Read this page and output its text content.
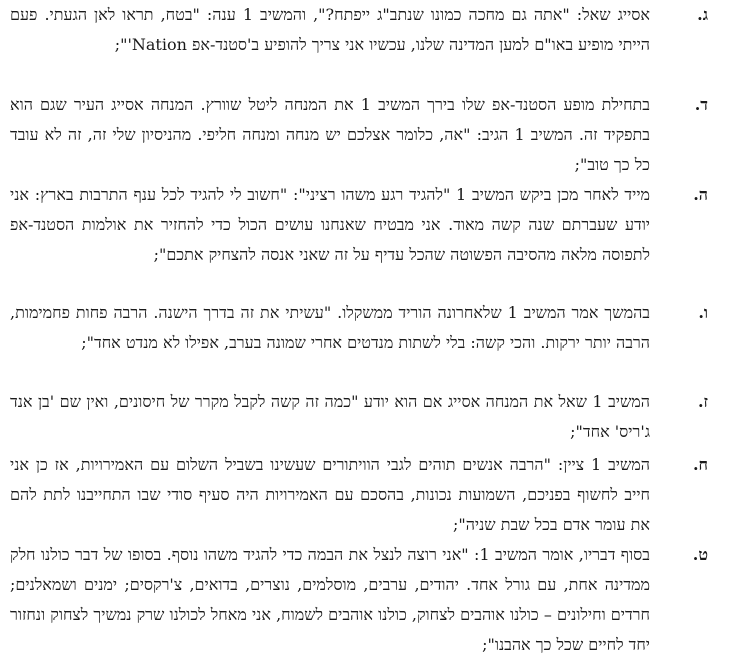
ג.

אסייג שאל: "אתה גם מחכה כמונו שנתב"ג ייפתח?", והמשיב 1 ענה: "בטח, תראו לאן הגעתי. פעם הייתי מופיע באו"ם למען המדינה שלנו, עכשיו אני צריך להופיע ב'סטנד-אפ Nation'";

ד.

בתחילת מופע הסטנד-אפ שלו בירך המשיב 1 את המנחה ליטל שוורץ. המנחה אסייג העיר שגם הוא בתפקיד זה. המשיב 1 הגיב: "אה, כלומר אצלכם יש מנחה ומנחה חליפי. מהניסיון שלי זה, זה לא עובד כל כך טוב";

ה.

מייד לאחר מכן ביקש המשיב 1 "להגיד רגע משהו רציני": "חשוב לי להגיד לכל ענף התרבות בארץ: אני יודע שעברתם שנה קשה מאוד. אני מבטיח שאנחנו עושים הכול כדי להחזיר את אולמות הסטנד-אפ לתפוסה מלאה מהסיבה הפשוטה שהכל עדיף על זה שאני אנסה להצחיק אתכם";

ו.

בהמשך אמר המשיב 1 שלאחרונה הוריד ממשקלו. "עשיתי את זה בדרך הישנה. הרבה פחות פחמימות, הרבה יותר ירקות. והכי קשה: בלי לשתות מנדטים אחרי שמונה בערב, אפילו לא מנדט אחד";

ז.

המשיב 1 שאל את המנחה אסייג אם הוא יודע "כמה זה קשה לקבל מקרר של חיסונים, ואין שם 'בן אנד ג'ריס' אחד";

ח.

המשיב 1 ציין: "הרבה אנשים תוהים לגבי הוויתורים שעשינו בשביל השלום עם האמירויות, אז כן אני חייב לחשוף בפניכם, השמועות נכונות, בהסכם עם האמירויות היה סעיף סודי שבו התחייבנו לתת להם את עומר אדם בכל שבת שניה";

ט.

בסוף דבריו, אומר המשיב 1: "אני רוצה לנצל את הבמה כדי להגיד משהו נוסף. בסופו של דבר כולנו חלק ממדינה אחת, עם גורל אחד. יהודים, ערבים, מוסלמים, נוצרים, בדואים, צ'רקסים; ימנים ושמאלנים; חרדים וחילונים – כולנו אוהבים לצחוק, כולנו אוהבים לשמוח, אני מאחל לכולנו שרק נמשיך לצחוק ונחזור יחד לחיים שכל כך אהבנו";
